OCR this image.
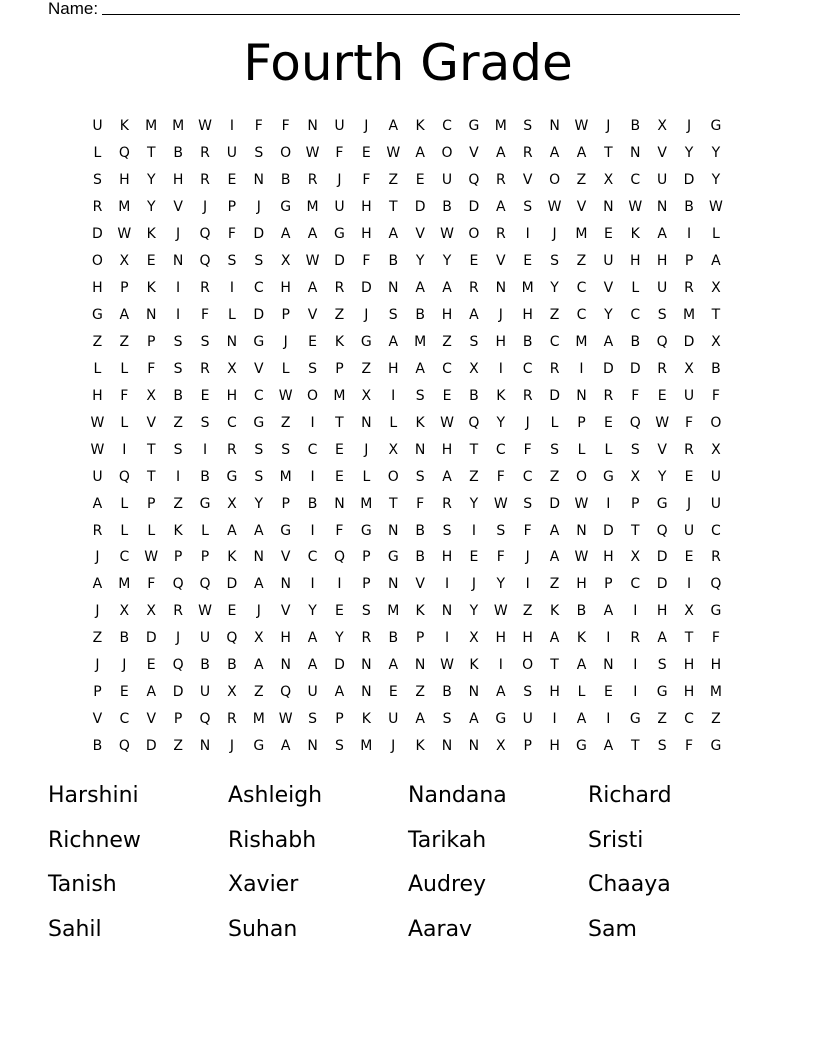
Name:
Fourth Grade
U	K	M	M W	I	F	F	N	U	J	A	K	C	G	M	S	N	W	J	B	X	J	G
L	Q	T	B	R	U	S	O	W	F	E	W	A	O	V	A	R	A	A	T	N	V	Y	Y
S	H	Y	H	R	E	N	B	R	J	F	Z	E	U	Q	R	V	O	Z	X	C	U	D	Y
R	M	Y	V	J	P	J	G	M	U	H	T	D	B	D	A	S	W	V	N	W	N	B	W
D	W	K	J	Q	F	D	A	A	G	H	A	V	W	O	R	I	J	M	E	K	A	I	L
O	X	E	N	Q	S	S	X	W	D	F	B	Y	Y	E	V	E	S	Z	U	H	H	P	A
H	P	K	I	R	I	C	H	A	R	D	N	A	A	R	N	M	Y	C	V	L	U	R	X
G	A	N	I	F	L	D	P	V	Z	J	S	B	H	A	J	H	Z	C	Y	C	S	M	T
Z	Z	P	S	S	N	G	J	E	K	G	A	M	Z	S	H	B	C	M	A	B	Q	D	X
L	L	F	S	R	X	V	L	S	P	Z	H	A	C	X	I	C	R	I	D	D	R	X	B
H	F	X	B	E	H	C	W	O	M	X	I	S	E	B	K	R	D	N	R	F	E	U	F
W	L	V	Z	S	C	G	Z	I	T	N	L	K	W	Q	Y	J	L	P	E	Q	W	F	O
W	I	T	S	I	R	S	S	C	E	J	X	N	H	T	C	F	S	L	L	S	V	R	X
U	Q	T	I	B	G	S	M	I	E	L	O	S	A	Z	F	C	Z	O	G	X	Y	E	U
A	L	P	Z	G	X	Y	P	B	N	M	T	F	R	Y	W	S	D	W	I	P	G	J	U
R	L	L	K	L	A	A	G	I	F	G	N	B	S	I	S	F	A	N	D	T	Q	U	C
J	C	W	P	P	K	N	V	C	Q	P	G	B	H	E	F	J	A	W	H	X	D	E	R
A	M	F	Q	Q	D	A	N	I	I	P	N	V	I	J	Y	I	Z	H	P	C	D	I	Q
J	X	X	R	W	E	J	V	Y	E	S	M	K	N	Y	W	Z	K	B	A	I	H	X	G
Z	B	D	J	U	Q	X	H	A	Y	R	B	P	I	X	H	H	A	K	I	R	A	T	F
J	J	E	Q	B	B	A	N	A	D	N	A	N	W	K	I	O	T	A	N	I	S	H	H
P	E	A	D	U	X	Z	Q	U	A	N	E	Z	B	N	A	S	H	L	E	I	G	H	M
V	C	V	P	Q	R	M W	S	P	K	U	A	S	A	G	U	I	A	I	G	Z	C	Z
B	Q	D	Z	N	J	G	A	N	S	M	J	K	N	N	X	P	H	G	A	T	S	F	G
Harshini	Ashleigh	Nandana	Richard
Richnew	Rishabh	Tarikah	Sristi
Tanish	Xavier	Audrey	Chaaya
Sahil	Suhan	Aarav	Sam
